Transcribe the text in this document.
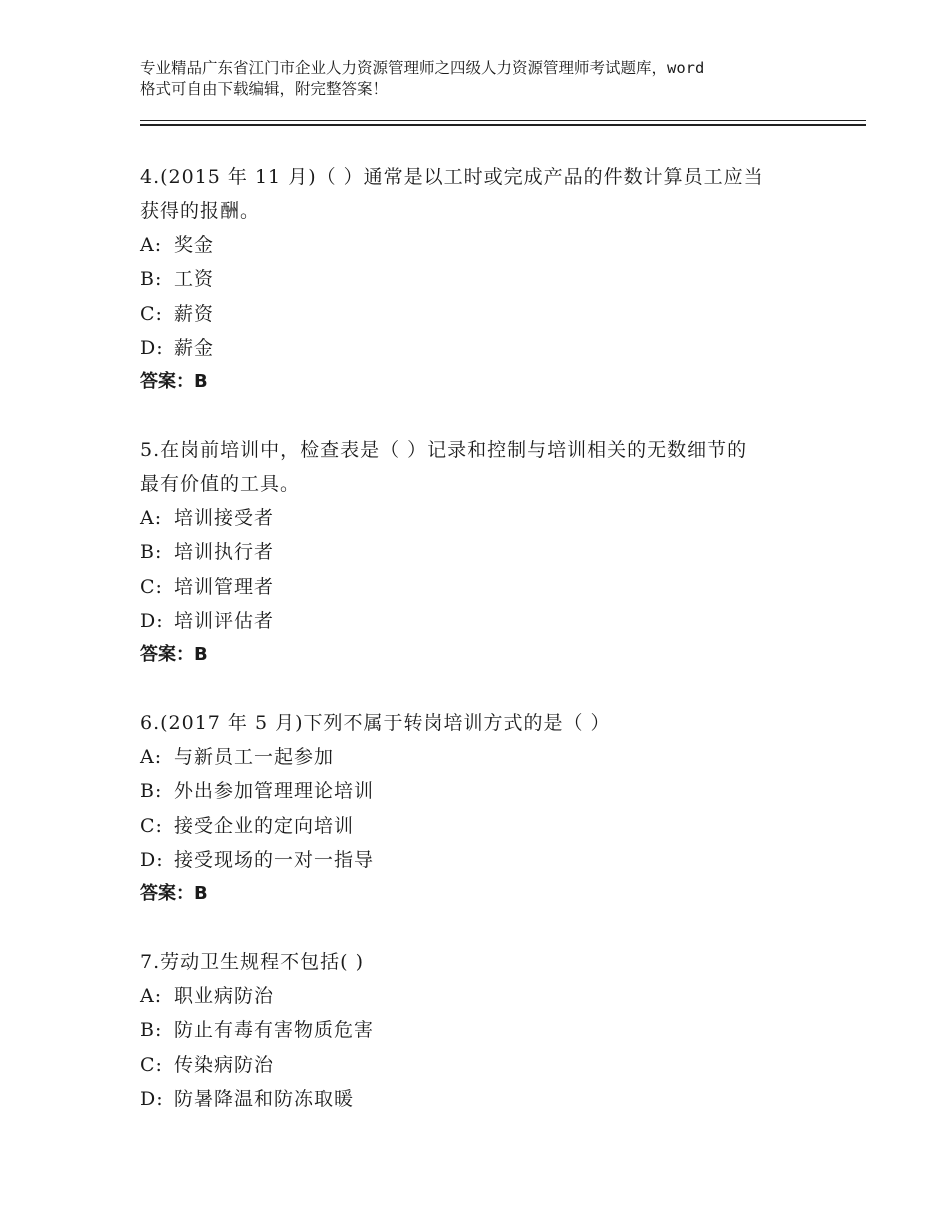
专业精品广东省江门市企业人力资源管理师之四级人力资源管理师考试题库，word
格式可自由下载编辑，附完整答案！

4.(2015 年 11 月)（ ）通常是以工时或完成产品的件数计算员工应当

获得的报酬。

A: 奖金

B: 工资

C: 薪资

D: 薪金

答案：B

5.在岗前培训中，检查表是（ ）记录和控制与培训相关的无数细节的

最有价值的工具。

A: 培训接受者

B: 培训执行者

C: 培训管理者

D: 培训评估者

答案：B

6.(2017 年 5 月)下列不属于转岗培训方式的是（ ）

A: 与新员工一起参加

B: 外出参加管理理论培训

C: 接受企业的定向培训

D: 接受现场的一对一指导

答案：B

7.劳动卫生规程不包括( )

A: 职业病防治

B: 防止有毒有害物质危害

C: 传染病防治

D: 防暑降温和防冻取暖
